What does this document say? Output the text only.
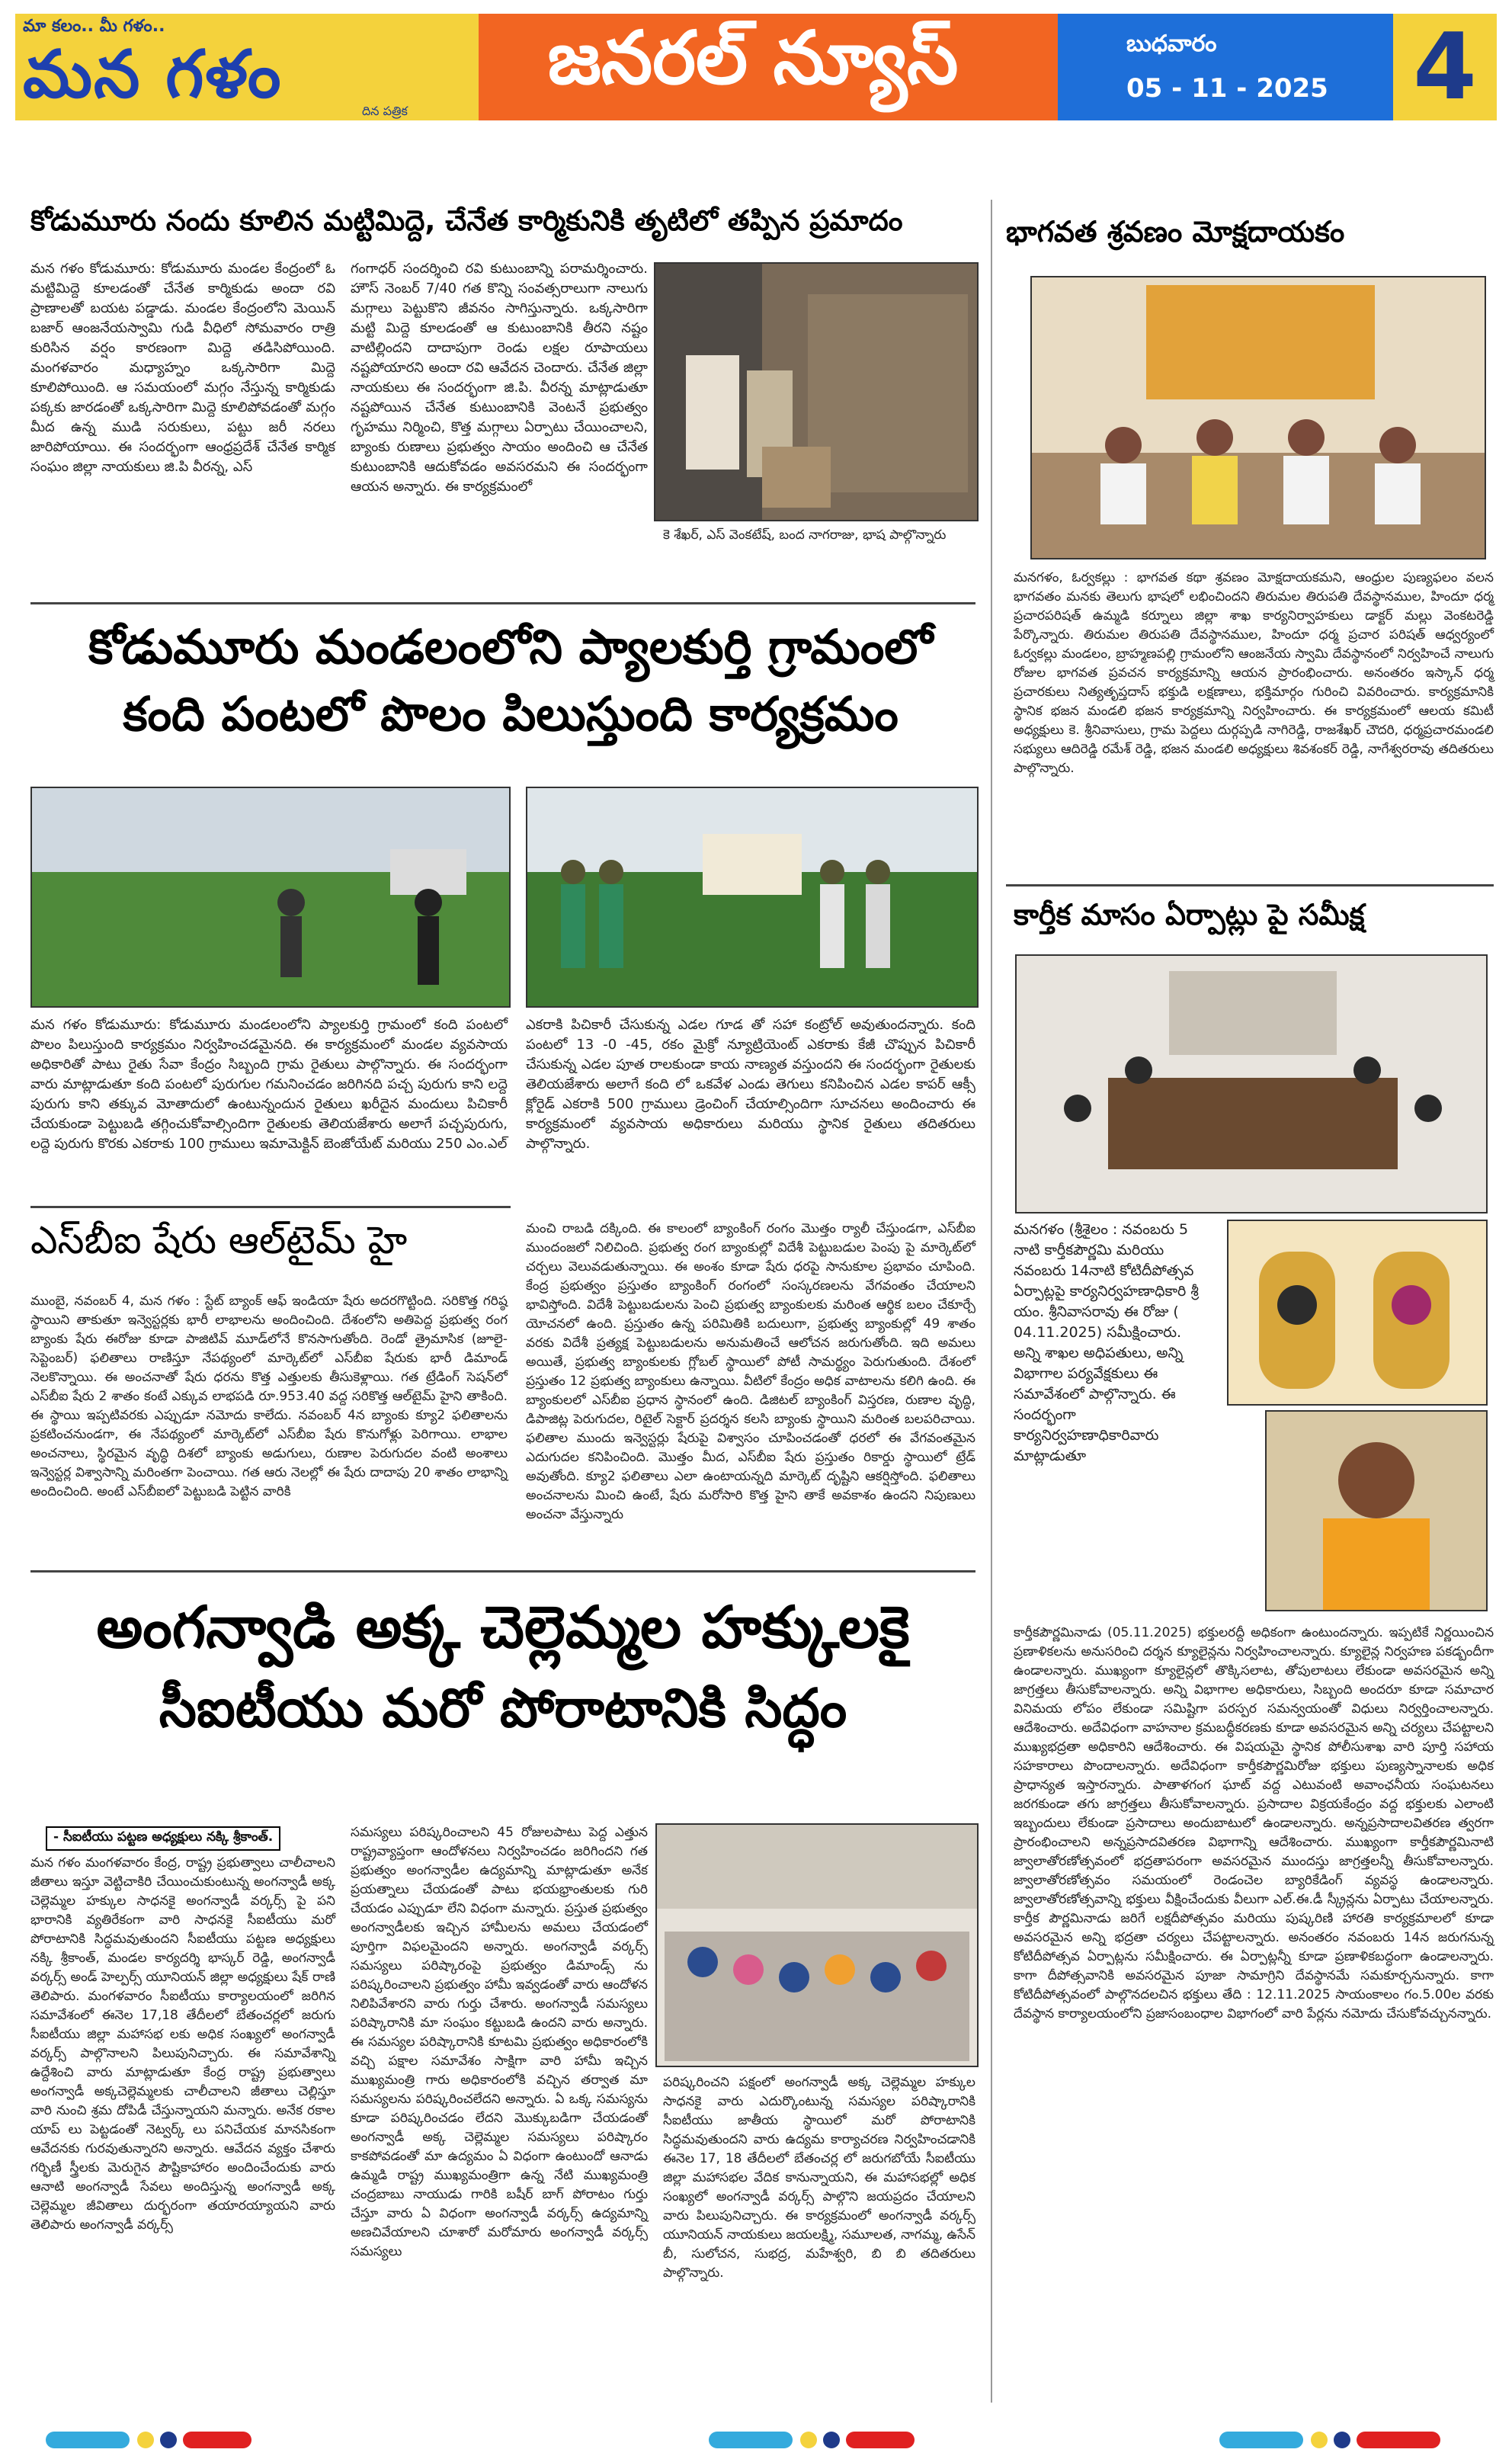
మా కలం.. మీ గళం..
మన గళం	దిన పత్రిక
జనరల్ న్యూస్	బుధవారం
05 - 11 - 2025 4
కోడుమూరు నందు కూలిన మట్టిమిద్దె, చేనేత కార్మికునికి తృటిలో తప్పిన ప్రమాదం
మన గళం కోడుమూరు: కోడుమూరు మండల కేంద్రంలో ఓ మట్టిమిద్దె కూలడంతో చేనేత కార్మికుడు అందా రవి ప్రాణాలతో బయట పడ్డాడు. మండల కేంద్రంలోని మెయిన్ బజార్ ఆంజనేయస్వామి గుడి వీధిలో సోమవారం రాత్రి కురిసిన వర్షం కారణంగా మిద్దె తడిసిపోయింది. మంగళవారం మధ్యాహ్నం ఒక్కసారిగా మిద్దె కూలిపోయింది. ఆ సమయంలో మగ్గం నేస్తున్న కార్మికుడు పక్కకు జారడంతో ఒక్కసారిగా మిద్దె కూలిపోవడంతో మగ్గం మీద ఉన్న ముడి సరుకులు, పట్టు జరీ నరలు జారిపోయాయి. ఈ సందర్భంగా ఆంధ్రప్రదేశ్ చేనేత కార్మిక సంఘం జిల్లా నాయకులు జి.పి వీరన్న, ఎస్
గంగాధర్ సందర్శించి రవి కుటుంబాన్ని పరామర్శించారు. హౌస్ నెంబర్ 7/40 గత కొన్ని సంవత్సరాలుగా నాలుగు మగ్గాలు పెట్టుకొని జీవనం సాగిస్తున్నారు. ఒక్కసారిగా మట్టి మిద్దె కూలడంతో ఆ కుటుంబానికి తీరని నష్టం వాటిల్లిందని దాదాపుగా రెండు లక్షల రూపాయలు నష్టపోయారని అందా రవి ఆవేదన చెందారు. చేనేత జిల్లా నాయకులు ఈ సందర్భంగా జి.పి. వీరన్న మాట్లాడుతూ నష్టపోయిన చేనేత కుటుంబానికి వెంటనే ప్రభుత్వం గృహము నిర్మించి, కొత్త మగ్గాలు ఏర్పాటు చేయించాలని, బ్యాంకు రుణాలు ప్రభుత్వం సాయం అందించి ఆ చేనేత కుటుంబానికి ఆదుకోవడం అవసరమని ఈ సందర్భంగా ఆయన అన్నారు. ఈ కార్యక్రమంలో
కె శేఖర్, ఎస్ వెంకటేష్, బంద నాగరాజు, భాష పాల్గొన్నారు
కోడుమూరు మండలంలోని ప్యాలకుర్తి గ్రామంలో
కంది పంటలో పొలం పిలుస్తుంది కార్యక్రమం
మన గళం కోడుమూరు: కోడుమూరు మండలంలోని ప్యాలకుర్తి గ్రామంలో కంది పంటలో పొలం పిలుస్తుంది కార్యక్రమం నిర్వహించడమైనది. ఈ కార్యక్రమంలో మండల వ్యవసాయ అధికారితో పాటు రైతు సేవా కేంద్రం సిబ్బంది గ్రామ రైతులు పాల్గొన్నారు. ఈ సందర్భంగా వారు మాట్లాడుతూ కంది పంటలో పురుగుల గమనించడం జరిగినది పచ్చ పురుగు కాని లద్దె పురుగు కాని తక్కువ మోతాదులో ఉంటున్నందున రైతులు ఖరీదైన మందులు పిచికారీ చేయకుండా పెట్టుబడి తగ్గించుకోవాల్సిందిగా రైతులకు తెలియజేశారు అలాగే పచ్చపురుగు, లద్దె పురుగు కొరకు ఎకరాకు 100 గ్రాములు ఇమామెక్టిన్ బెంజోయేట్ మరియు 250 ఎం.ఎల్
ఎకరాకి పిచికారీ చేసుకున్న ఎడల గూడ తో సహా కంట్రోల్ అవుతుందన్నారు. కంది పంటలో 13 -0 -45, రకం మైక్రో న్యూట్రియెంట్ ఎకరాకు కేజీ చొప్పున పిచికారీ చేసుకున్న ఎడల పూత రాలకుండా కాయ నాణ్యత వస్తుందని ఈ సందర్భంగా రైతులకు తెలియజేశారు అలాగే కంది లో ఒకవేళ ఎండు తెగులు కనిపించిన ఎడల కాపర్ ఆక్సీ క్లోరైడ్ ఎకరాకి 500 గ్రాములు డ్రెంచింగ్ చేయాల్సిందిగా సూచనలు అందించారు ఈ కార్యక్రమంలో వ్యవసాయ అధికారులు మరియు స్థానిక రైతులు తదితరులు పాల్గొన్నారు.
ఎస్‌బీఐ షేరు ఆల్‌టైమ్ హై
ముంబై, నవంబర్ 4, మన గళం : స్టేట్ బ్యాంక్ ఆఫ్ ఇండియా షేరు అదరగొట్టింది. సరికొత్త గరిష్ఠ స్థాయిని తాకుతూ ఇన్వెస్టర్లకు భారీ లాభాలను అందించింది. దేశంలోని అతిపెద్ద ప్రభుత్వ రంగ బ్యాంకు షేరు ఈరోజు కూడా పాజిటివ్ మూడ్‌లోనే కొనసాగుతోంది. రెండో త్రైమాసిక (జూలై-సెప్టెంబర్) ఫలితాలు రాణిస్తూ నేపథ్యంలో మార్కెట్‌లో ఎస్‌బీఐ షేరుకు భారీ డిమాండ్ నెలకొన్నాయి. ఈ అంచనాతో షేరు ధరను కొత్త ఎత్తులకు తీసుకెళ్లాయి. గత ట్రేడింగ్ సెషన్‌లో ఎస్‌బీఐ షేరు 2 శాతం కంటే ఎక్కువ లాభపడి రూ.953.40 వద్ద సరికొత్త ఆల్‌టైమ్ హైని తాకింది. ఈ స్థాయి ఇప్పటివరకు ఎప్పుడూ నమోదు కాలేదు. నవంబర్ 4న బ్యాంకు క్యూ2 ఫలితాలను ప్రకటించనుండగా, ఈ నేపథ్యంలో మార్కెట్‌లో ఎస్‌బీఐ షేరు కొనుగోళ్లు పెరిగాయి. లాభాల అంచనాలు, స్థిరమైన వృద్ధి దిశలో బ్యాంకు అడుగులు, రుణాల పెరుగుదల వంటి అంశాలు ఇన్వెస్టర్ల విశ్వాసాన్ని మరింతగా పెంచాయి. గత ఆరు నెలల్లో ఈ షేరు దాదాపు 20 శాతం లాభాన్ని అందించింది. అంటే ఎస్‌బీఐలో పెట్టుబడి పెట్టిన వారికి
మంచి రాబడి దక్కింది. ఈ కాలంలో బ్యాంకింగ్ రంగం మొత్తం ర్యాలీ చేస్తుండగా, ఎస్‌బీఐ ముందంజలో నిలిచింది. ప్రభుత్వ రంగ బ్యాంకుల్లో విదేశీ పెట్టుబడుల పెంపు పై మార్కెట్‌లో చర్చలు వెలువడుతున్నాయి. ఈ అంశం కూడా షేరు ధరపై సానుకూల ప్రభావం చూపింది. కేంద్ర ప్రభుత్వం ప్రస్తుతం బ్యాంకింగ్ రంగంలో సంస్కరణలను వేగవంతం చేయాలని భావిస్తోంది. విదేశీ పెట్టుబడులను పెంచి ప్రభుత్వ బ్యాంకులకు మరింత ఆర్థిక బలం చేకూర్చే యోచనలో ఉంది. ప్రస్తుతం ఉన్న పరిమితికి బదులుగా, ప్రభుత్వ బ్యాంకుల్లో 49 శాతం వరకు విదేశీ ప్రత్యక్ష పెట్టుబడులను అనుమతించే ఆలోచన జరుగుతోంది. ఇది అమలు అయితే, ప్రభుత్వ బ్యాంకులకు గ్లోబల్ స్థాయిలో పోటీ సామర్థ్యం పెరుగుతుంది. దేశంలో ప్రస్తుతం 12 ప్రభుత్వ బ్యాంకులు ఉన్నాయి. వీటిలో కేంద్రం అధిక వాటాలను కలిగి ఉంది. ఈ బ్యాంకులలో ఎస్‌బీఐ ప్రధాన స్థానంలో ఉంది. డిజిటల్ బ్యాంకింగ్ విస్తరణ, రుణాల వృద్ధి, డిపాజిట్ల పెరుగుదల, రిటైల్ సెక్టార్ ప్రదర్శన కలసి బ్యాంకు స్థాయిని మరింత బలపరిచాయి. ఫలితాల ముందు ఇన్వెస్టర్లు షేరుపై విశ్వాసం చూపించడంతో ధరలో ఈ వేగవంతమైన ఎదుగుదల కనిపించింది. మొత్తం మీద, ఎస్‌బీఐ షేరు ప్రస్తుతం రికార్డు స్థాయిలో ట్రేడ్ అవుతోంది. క్యూ2 ఫలితాలు ఎలా ఉంటాయన్నది మార్కెట్ దృష్టిని ఆకర్షిస్తోంది. ఫలితాలు అంచనాలను మించి ఉంటే, షేరు మరోసారి కొత్త హైని తాకే అవకాశం ఉందని నిపుణులు అంచనా వేస్తున్నారు
అంగన్వాడి అక్క చెల్లెమ్మల హక్కులకై
సీఐటీయు మరో పోరాటానికి సిద్ధం
- సీఐటీయు పట్టణ అధ్యక్షులు నక్కి శ్రీకాంత్.
మన గళం మంగళవారం కేంద్ర, రాష్ట్ర ప్రభుత్వాలు చాలీచాలని జీతాలు ఇస్తూ వెట్టిచాకిరి చేయించుకుంటున్న అంగన్వాడీ అక్క చెల్లెమ్మల హక్కుల సాధనకై అంగన్వాడీ వర్కర్స్ పై పని భారానికి వ్యతిరేకంగా వారి సాధనకై సీఐటీయు మరో పోరాటానికి సిద్ధమవుతుందని సీఐటీయు పట్టణ అధ్యక్షులు నక్కి శ్రీకాంత్, మండల కార్యదర్శి భాస్కర్ రెడ్డి, అంగన్వాడీ వర్కర్స్ అండ్ హెల్పర్స్ యూనియన్ జిల్లా అధ్యక్షులు షేక్ రాణి తెలిపారు. మంగళవారం సీఐటీయు కార్యాలయంలో జరిగిన సమావేశంలో ఈనెల 17,18 తేదీలలో బేతంచర్లలో జరుగు సీఐటీయు జిల్లా మహాసభ లకు అధిక సంఖ్యలో అంగన్వాడీ వర్కర్స్ పాల్గొనాలని పిలుపునిచ్చారు. ఈ సమావేశాన్ని ఉద్దేశించి వారు మాట్లాడుతూ కేంద్ర రాష్ట్ర ప్రభుత్వాలు అంగన్వాడీ అక్కచెల్లెమ్మలకు చాలీచాలని జీతాలు చెల్లిస్తూ వారి నుంచి శ్రమ దోపిడీ చేస్తున్నాయని మన్నారు. అనేక రకాల యాప్ లు పెట్టడంతో నెట్వర్క్ లు పనిచేయక మానసికంగా ఆవేదనకు గురవుతున్నారని అన్నారు. ఆవేదన వ్యక్తం చేశారు గర్భిణీ స్త్రీలకు మెరుగైన పౌష్టికాహారం అందించేందుకు వారు ఆనాటి అంగన్వాడీ సేవలు అందిస్తున్న అంగన్వాడీ అక్క చెల్లెమ్మల జీవితాలు దుర్భరంగా తయారయ్యాయని వారు తెలిపారు అంగన్వాడీ వర్కర్స్
సమస్యలు పరిష్కరించాలని 45 రోజులపాటు పెద్ద ఎత్తున రాష్ట్రవ్యాప్తంగా ఆందోళనలు నిర్వహించడం జరిగిందని గత ప్రభుత్వం అంగన్వాడీల ఉద్యమాన్ని మాట్లాడుతూ అనేక ప్రయత్నాలు చేయడంతో పాటు భయభ్రాంతులకు గురి చేయడం ఎప్పుడూ లేని విధంగా మన్నారు. ప్రస్తుత ప్రభుత్వం అంగన్వాడీలకు ఇచ్చిన హామీలను అమలు చేయడంలో పూర్తిగా విఫలమైందని అన్నారు. అంగన్వాడీ వర్కర్స్ సమస్యలు పరిష్కారంపై ప్రభుత్వం డిమాండ్స్ ను పరిష్కరించాలని ప్రభుత్వం హామీ ఇవ్వడంతో వారు ఆందోళన నిలిపివేశారని వారు గుర్తు చేశారు. అంగన్వాడీ సమస్యలు పరిష్కారానికి మా సంఘం కట్టుబడి ఉందని వారు అన్నారు. ఈ సమస్యల పరిష్కారానికి కూటమి ప్రభుత్వం అధికారంలోకి వచ్చి పక్షాల సమావేశం సాక్షిగా వారి హామీ ఇచ్చిన ముఖ్యమంత్రి గారు అధికారంలోకి వచ్చిన తర్వాత మా సమస్యలను పరిష్కరించలేదని అన్నారు. ఏ ఒక్క సమస్యను కూడా పరిష్కరించడం లేదని మొక్కుబడిగా చేయడంతో అంగన్వాడీ అక్క చెల్లెమ్మల సమస్యలు పరిష్కారం కాకపోవడంతో మా ఉద్యమం ఏ విధంగా ఉంటుందో ఆనాడు ఉమ్మడి రాష్ట్ర ముఖ్యమంత్రిగా ఉన్న నేటి ముఖ్యమంత్రి చంద్రబాబు నాయుడు గారికి బషీర్ బాగ్ పోరాటం గుర్తు చేస్తూ వారు ఏ విధంగా అంగన్వాడీ వర్కర్స్ ఉద్యమాన్ని అణచివేయాలని చూశారో మరోమారు అంగన్వాడీ వర్కర్స్ సమస్యలు
పరిష్కరించని పక్షంలో అంగన్వాడీ అక్క చెల్లెమ్మల హక్కుల సాధనకై వారు ఎదుర్కొంటున్న సమస్యల పరిష్కారానికి సీఐటీయు జాతీయ స్థాయిలో మరో పోరాటానికి సిద్ధమవుతుందని వారు ఉద్యమ కార్యాచరణ నిర్వహించడానికి ఈనెల 17, 18 తేదీలలో బేతంచర్ల లో జరుగబోయే సీఐటీయు జిల్లా మహాసభల వేదిక కానున్నాయని, ఈ మహాసభల్లో అధిక సంఖ్యలో అంగన్వాడీ వర్కర్స్ పాల్గొని జయప్రదం చేయాలని వారు పిలుపునిచ్చారు. ఈ కార్యక్రమంలో అంగన్వాడీ వర్కర్స్ యూనియన్ నాయకులు జయలక్ష్మి, సమూలత, నాగమ్మ, ఉసేన్ బీ, సులోచన, సుభద్ర, మహేశ్వరి, బి బి తదితరులు పాల్గొన్నారు.
భాగవత శ్రవణం మోక్షదాయకం
మనగళం, ఓర్వకల్లు : భాగవత కథా శ్రవణం మోక్షదాయకమని, ఆంధ్రుల పుణ్యఫలం వలన భాగవతం మనకు తెలుగు భాషలో లభించిందని తిరుమల తిరుపతి దేవస్థానముల, హిందూ ధర్మ ప్రచారపరిషత్ ఉమ్మడి కర్నూలు జిల్లా శాఖ కార్యనిర్వాహకులు డాక్టర్ మల్లు వెంకటరెడ్డి పేర్కొన్నారు. తిరుమల తిరుపతి దేవస్థానముల, హిందూ ధర్మ ప్రచార పరిషత్ ఆధ్వర్యంలో ఓర్వకల్లు మండలం, బ్రాహ్మణపల్లి గ్రామంలోని ఆంజనేయ స్వామి దేవస్థానంలో నిర్వహించే నాలుగు రోజుల భాగవత ప్రవచన కార్యక్రమాన్ని ఆయన ప్రారంభించారు. అనంతరం ఇస్కాన్ ధర్మ ప్రచారకులు నిత్యతృప్తదాస్ భక్తుడి లక్షణాలు, భక్తిమార్గం గురించి వివరించారు. కార్యక్రమానికి స్థానిక భజన మండలి భజన కార్యక్రమాన్ని నిర్వహించారు. ఈ కార్యక్రమంలో ఆలయ కమిటీ అధ్యక్షులు కె. శ్రీనివాసులు, గ్రామ పెద్దలు దుర్గప్పడి నాగిరెడ్డి, రాజశేఖర్ చౌదరి, ధర్మప్రచారమండలి సభ్యులు ఆదిరెడ్డి రమేశ్ రెడ్డి, భజన మండలి అధ్యక్షులు శివశంకర్ రెడ్డి, నాగేశ్వరరావు తదితరులు పాల్గొన్నారు.
కార్తీక మాసం ఏర్పాట్లు పై సమీక్ష
మనగళం (శ్రీశైలం : నవంబరు 5 నాటి కార్తీకపౌర్ణమి మరియు నవంబరు 14నాటి కోటిదీపోత్సవ ఏర్పాట్లపై కార్యనిర్వహణాధికారి శ్రీ యం. శ్రీనివాసరావు ఈ రోజు ( 04.11.2025) సమీక్షించారు. అన్ని శాఖల అధిపతులు, అన్ని విభాగాల పర్యవేక్షకులు ఈ సమావేశంలో పాల్గొన్నారు. ఈ సందర్భంగా కార్యనిర్వహణాధికారివారు మాట్లాడుతూ
కార్తీకపౌర్ణమినాడు (05.11.2025) భక్తులరద్దీ అధికంగా ఉంటుందన్నారు. ఇప్పటికే నిర్ణయించిన ప్రణాళికలను అనుసరించి దర్శన క్యూలైన్లను నిర్వహించాలన్నారు. క్యూలైన్ల నిర్వహణ పకడ్బందీగా ఉండాలన్నారు. ముఖ్యంగా క్యూలైన్లలో తొక్కిసలాట, తోపులాటలు లేకుండా అవసరమైన అన్ని జాగ్రత్తలు తీసుకోవాలన్నారు. అన్ని విభాగాల అధికారులు, సిబ్బంది అందరూ కూడా సమాచార వినిమయ లోపం లేకుండా సమిష్టిగా పరస్పర సమన్వయంతో విధులు నిర్వర్తించాలన్నారు. ఆదేశించారు. అదేవిధంగా వాహనాల క్రమబద్ధీకరణకు కూడా అవసరమైన అన్ని చర్యలు చేపట్టాలని ముఖ్యభద్రతా అధికారిని ఆదేశించారు. ఈ విషయమై స్థానిక పోలీసుశాఖ వారి పూర్తి సహాయ సహకారాలు పొందాలన్నారు. అదేవిధంగా కార్తీకపౌర్ణమిరోజు భక్తులు పుణ్యస్నానాలకు అధిక ప్రాధాన్యత ఇస్తారన్నారు. పాతాళగంగ ఘాట్ వద్ద ఎటువంటి అవాంఛనీయ సంఘటనలు జరగకుండా తగు జాగ్రత్తలు తీసుకోవాలన్నారు. ప్రసాదాల విక్రయకేంద్రం వద్ద భక్తులకు ఎలాంటి ఇబ్బందులు లేకుండా ప్రసాదాలు అందుబాటులో ఉండాలన్నారు. అన్నప్రసాదాలవితరణ త్వరగా ప్రారంభించాలని అన్నప్రసాదవితరణ విభాగాన్ని ఆదేశించారు. ముఖ్యంగా కార్తీకపౌర్ణమినాటి జ్వాలాతోరణోత్సవంలో భద్రతాపరంగా అవసరమైన ముందస్తు జాగ్రత్తలన్నీ తీసుకోవాలన్నారు. జ్వాలాతోరణోత్సవం సమయంలో రెండంచెల బ్యారికేడింగ్ వ్యవస్థ ఉండాలన్నారు. జ్వాలాతోరణోత్సవాన్ని భక్తులు వీక్షించేందుకు వీలుగా ఎల్.ఈ.డీ స్క్రీన్లను ఏర్పాటు చేయాలన్నారు. కార్తీక పౌర్ణమినాడు జరిగే లక్షదీపోత్సవం మరియు పుష్కరిణి హారతి కార్యక్రమాలలో కూడా అవసరమైన అన్ని భద్రతా చర్యలు చేపట్టాలన్నారు. అనంతరం నవంబరు 14న జరుగనున్న కోటిదీపోత్సవ ఏర్పాట్లను సమీక్షించారు. ఈ ఏర్పాట్లన్నీ కూడా ప్రణాళికబద్ధంగా ఉండాలన్నారు. కాగా దీపోత్సవానికి అవసరమైన పూజా సామాగ్రిని దేవస్థానమే సమకూర్చనున్నారు. కాగా కోటిదీపోత్సవంలో పాల్గొనదలచిన భక్తులు తేది : 12.11.2025 సాయంకాలం గం.5.00ల వరకు దేవస్థాన కార్యాలయంలోని ప్రజాసంబంధాల విభాగంలో వారి పేర్లను నమోదు చేసుకోవచ్చునన్నారు.
